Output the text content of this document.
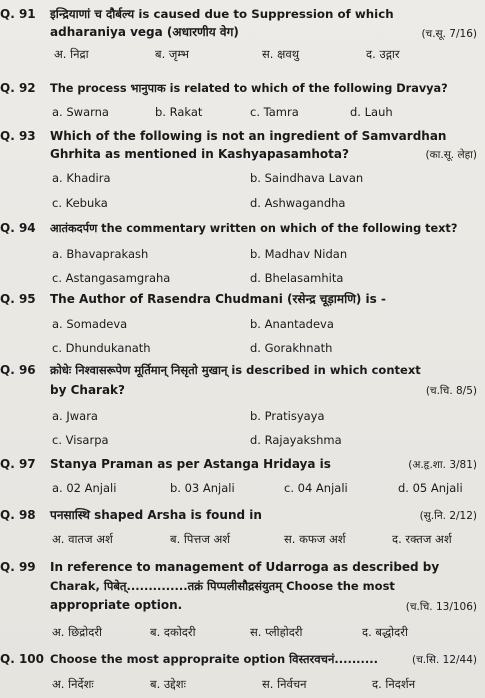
Q. 91	इन्द्रियाणां च दौर्बल्य is caused due to Suppression of which
adharaniya vega (अधारणीय वेग)	(च.सू. 7/16)
अ. निद्रा	ब. जृम्भ	स. क्षवथु	द. उद्गार
Q. 92	The process भानुपाक is related to which of the following Dravya?
a. Swarna	b. Rakat	c. Tamra	d. Lauh
Q. 93	Which of the following is not an ingredient of Samvardhan
Ghrhita as mentioned in Kashyapasamhota?	(का.सू. लेहा)
a. Khadira	b. Saindhava Lavan
c. Kebuka	d. Ashwagandha
Q. 94	आतंकदर्पण the commentary written on which of the following text?
a. Bhavaprakash	b. Madhav Nidan
c. Astangasamgraha	d. Bhelasamhita
Q. 95	The Author of Rasendra Chudmani (रसेन्द्र चूड़ामणि) is -
a. Somadeva	b. Anantadeva
c. Dhundukanath	d. Gorakhnath
Q. 96	क्रोधेः निश्वासरूपेण मूर्तिमान् निसृतो मुखान् is described in which context
by Charak?	(च.चि. 8/5)
a. Jwara	b. Pratisyaya
c. Visarpa	d. Rajayakshma
Q. 97	Stanya Praman as per Astanga Hridaya is	(अ.हृ.शा. 3/81)
a. 02 Anjali	b. 03 Anjali	c. 04 Anjali	d. 05 Anjali
Q. 98	पनसास्थि shaped Arsha is found in	(सु.नि. 2/12)
अ. वातज अर्श	ब. पित्तज अर्श	स. कफज अर्श	द. रक्तज अर्श
Q. 99	In reference to management of Udarroga as described by
Charak, पिबेत्..............तक्रं पिप्पलीसौद्रसंयुतम् Choose the most
appropriate option.	(च.चि. 13/106)
अ. छिद्रोदरी	ब. दकोदरी	स. प्लीहोदरी	द. बद्धोदरी
Q. 100 Choose the most appropraite option विस्तरवचनं..........	(च.सि. 12/44)
अ. निर्देशः	ब. उद्देशः	स. निर्वचन	द. निदर्शन
